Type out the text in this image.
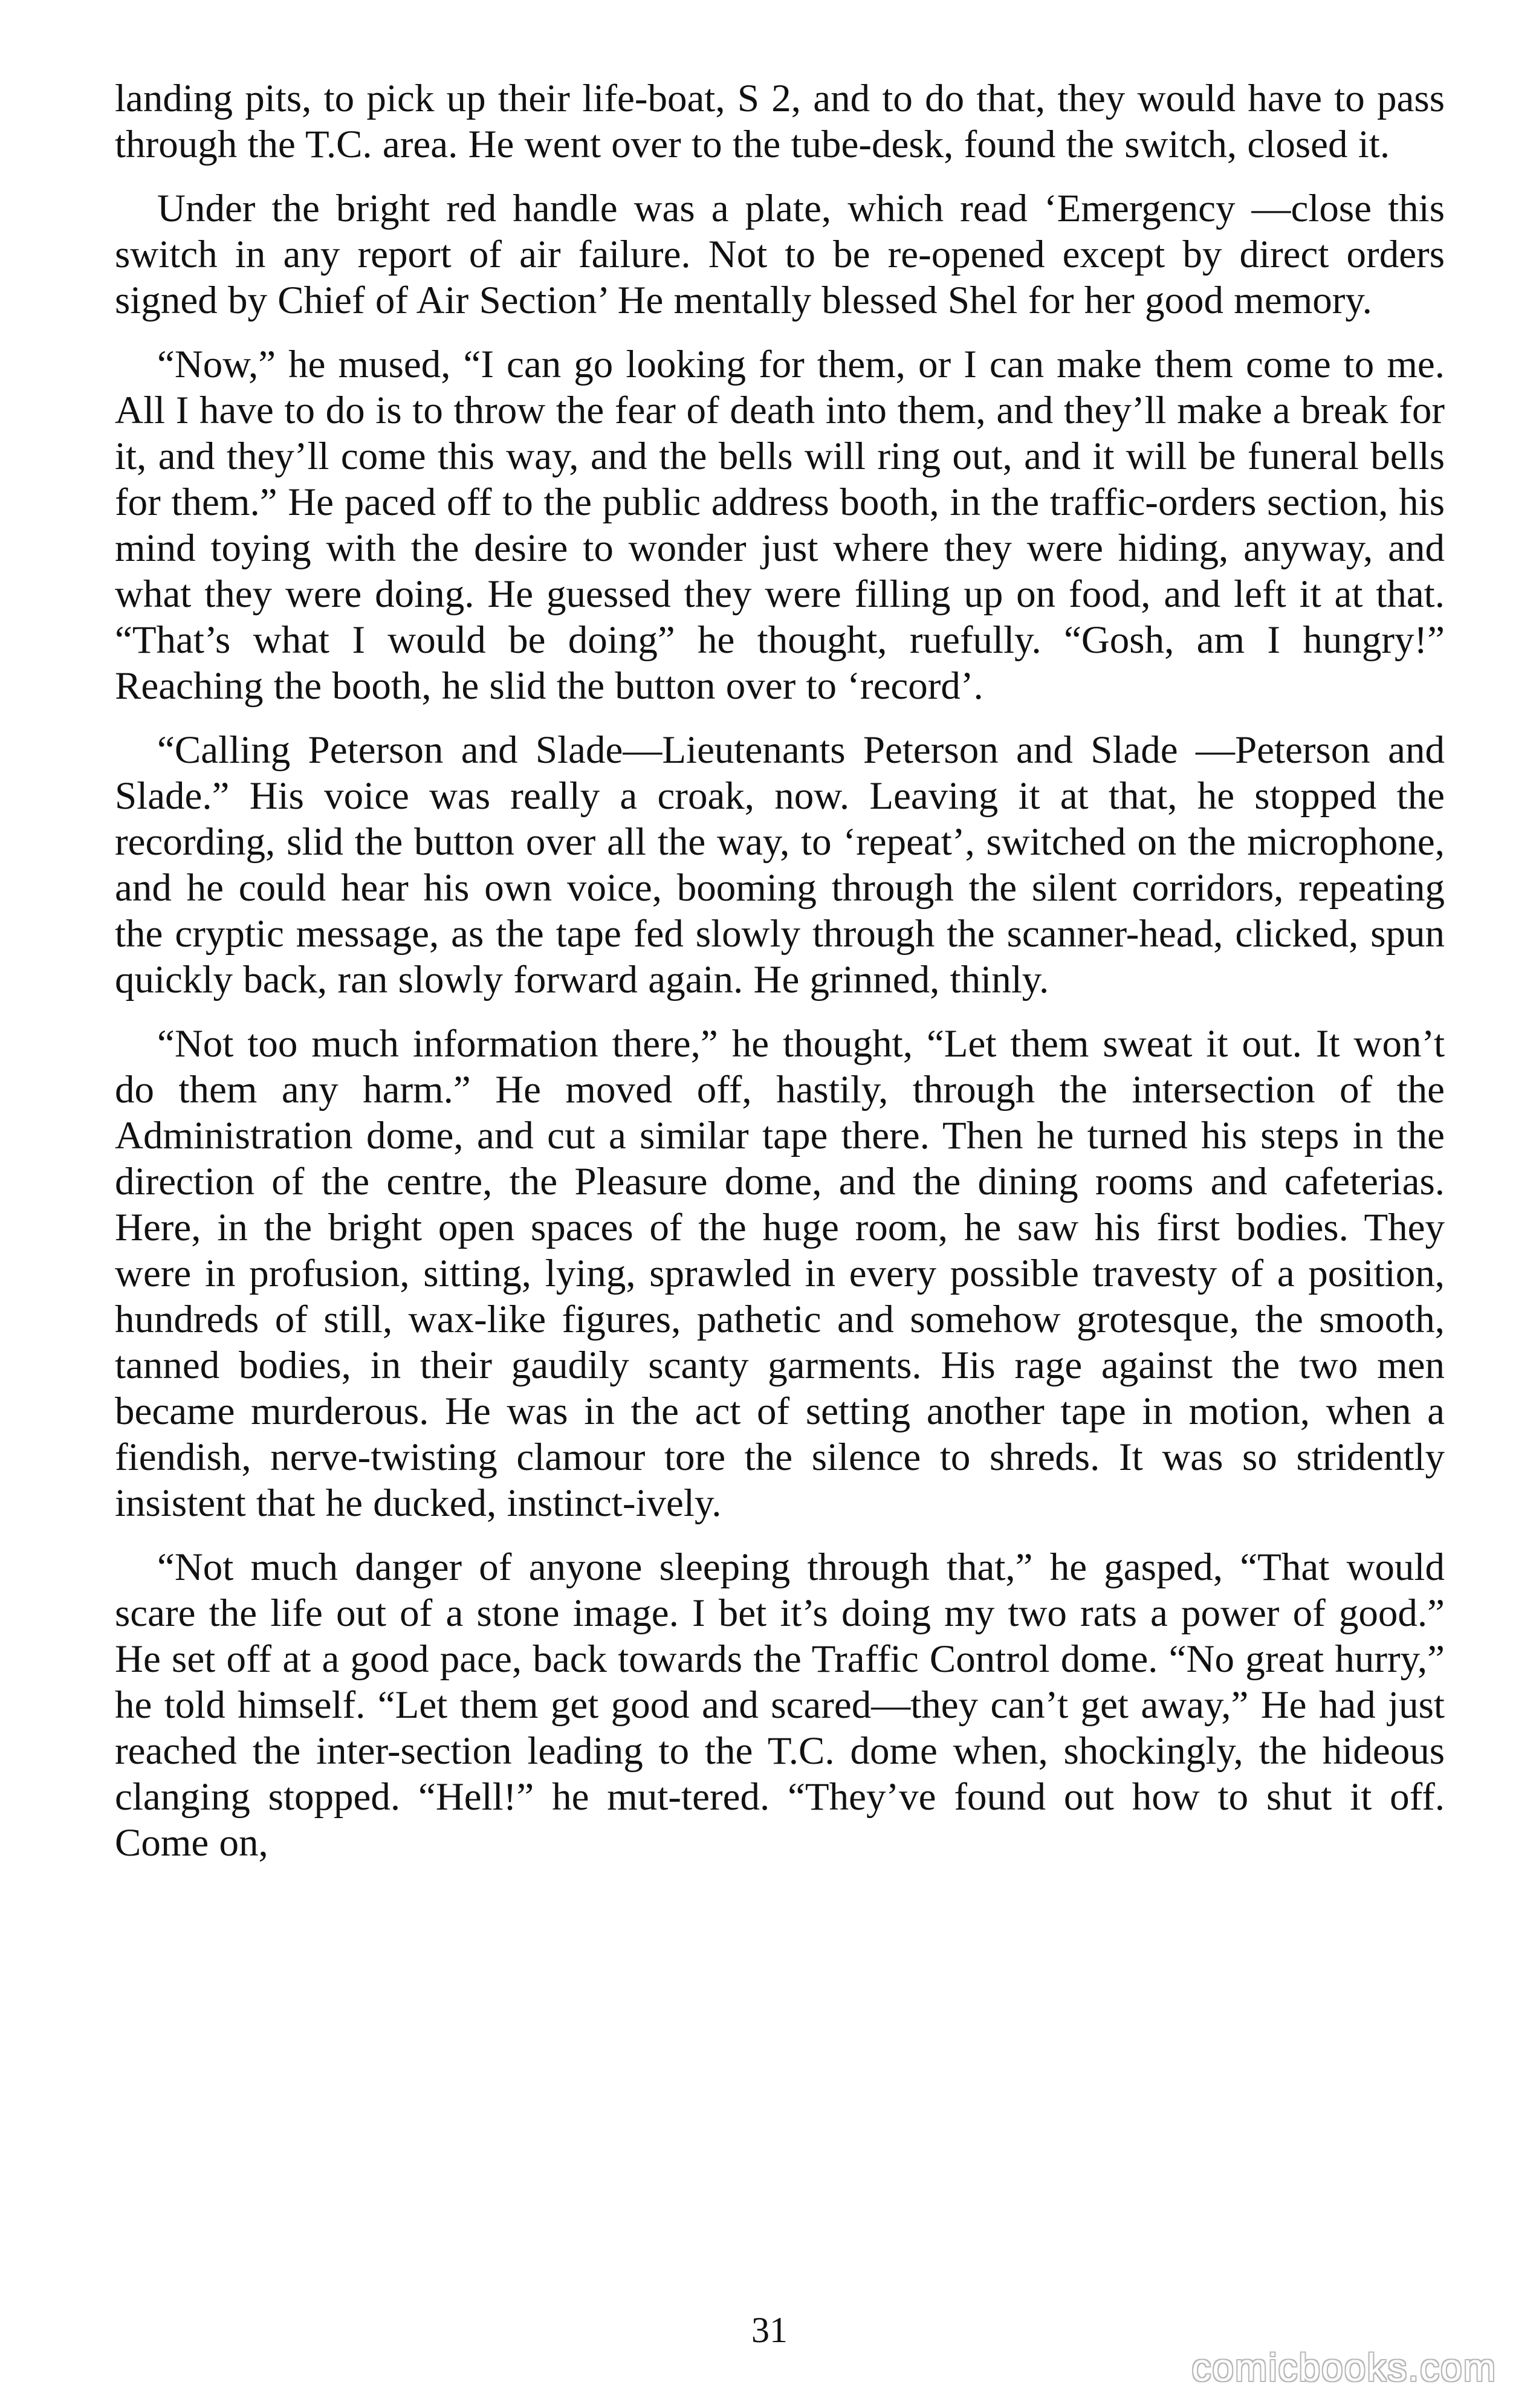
landing pits, to pick up their life-boat, S 2, and to do that, they would have to pass through the T.C. area. He went over to the tube-desk, found the switch, closed it.

Under the bright red handle was a plate, which read ‘Emergency —close this switch in any report of air failure. Not to be re-opened except by direct orders signed by Chief of Air Section’ He mentally blessed Shel for her good memory.

“Now,” he mused, “I can go looking for them, or I can make them come to me. All I have to do is to throw the fear of death into them, and they’ll make a break for it, and they’ll come this way, and the bells will ring out, and it will be funeral bells for them.” He paced off to the public address booth, in the traffic-orders section, his mind toying with the desire to wonder just where they were hiding, anyway, and what they were doing. He guessed they were filling up on food, and left it at that. “That’s what I would be doing” he thought, ruefully. “Gosh, am I hungry!” Reaching the booth, he slid the button over to ‘record’.

“Calling Peterson and Slade—Lieutenants Peterson and Slade —Peterson and Slade.” His voice was really a croak, now. Leaving it at that, he stopped the recording, slid the button over all the way, to ‘repeat’, switched on the microphone, and he could hear his own voice, booming through the silent corridors, repeating the cryptic message, as the tape fed slowly through the scanner-head, clicked, spun quickly back, ran slowly forward again. He grinned, thinly.

“Not too much information there,” he thought, “Let them sweat it out. It won’t do them any harm.” He moved off, hastily, through the intersection of the Administration dome, and cut a similar tape there. Then he turned his steps in the direction of the centre, the Pleasure dome, and the dining rooms and cafeterias. Here, in the bright open spaces of the huge room, he saw his first bodies. They were in profusion, sitting, lying, sprawled in every possible travesty of a position, hundreds of still, wax-like figures, pathetic and somehow grotesque, the smooth, tanned bodies, in their gaudily scanty garments. His rage against the two men became murderous. He was in the act of setting another tape in motion, when a fiendish, nerve-twisting clamour tore the silence to shreds. It was so stridently insistent that he ducked, instinct-ively.

“Not much danger of anyone sleeping through that,” he gasped, “That would scare the life out of a stone image. I bet it’s doing my two rats a power of good.” He set off at a good pace, back towards the Traffic Control dome. “No great hurry,” he told himself. “Let them get good and scared—they can’t get away,” He had just reached the inter-section leading to the T.C. dome when, shockingly, the hideous clanging stopped. “Hell!” he mut-tered. “They’ve found out how to shut it off. Come on,

31
comicbooks.com
